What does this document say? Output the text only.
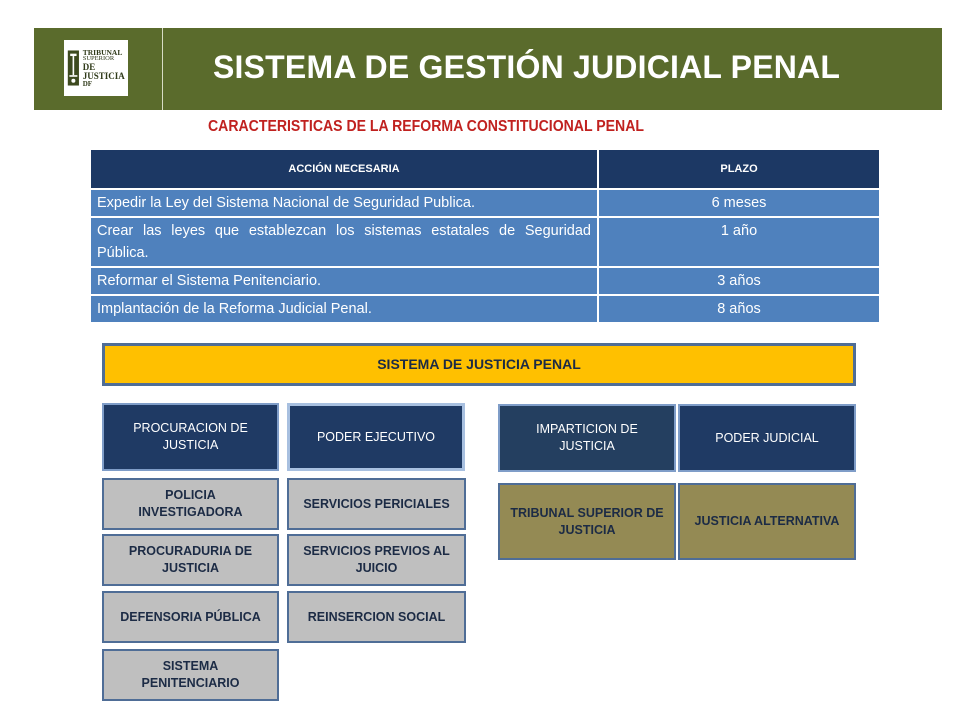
TRIBUNAL
SUPERIOR
DE JUSTICIA
DF	SISTEMA DE GESTIÓN JUDICIAL PENAL
CARACTERISTICAS DE LA REFORMA CONSTITUCIONAL PENAL
ACCIÓN NECESARIA	PLAZO
Expedir la Ley del Sistema Nacional de Seguridad Publica.	6 meses
Crear las leyes que establezcan los sistemas estatales de Seguridad Pública.	1 año
Reformar el Sistema Penitenciario.	3 años
Implantación de la Reforma Judicial Penal.	8 años
SISTEMA DE JUSTICIA PENAL
PROCURACION DE JUSTICIA
PODER EJECUTIVO
IMPARTICION DE JUSTICIA
PODER JUDICIAL
POLICIA INVESTIGADORA
SERVICIOS PERICIALES
PROCURADURIA DE JUSTICIA
SERVICIOS PREVIOS AL JUICIO
DEFENSORIA PÚBLICA	REINSERCION SOCIAL
SISTEMA PENITENCIARIO
TRIBUNAL SUPERIOR DE JUSTICIA
JUSTICIA ALTERNATIVA
